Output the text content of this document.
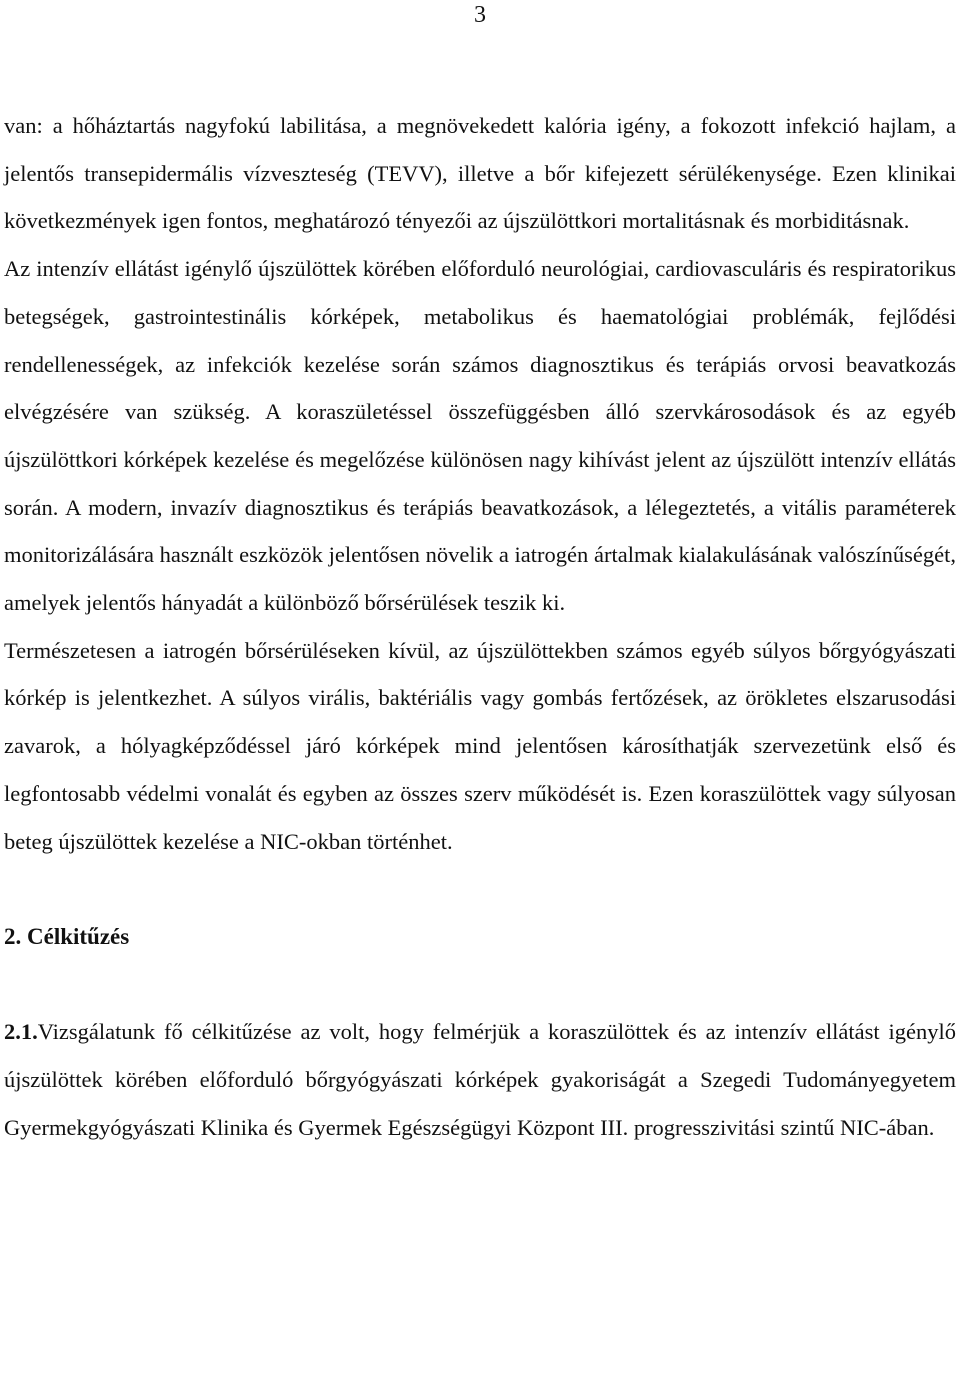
3

van: a hőháztartás nagyfokú labilitása, a megnövekedett kalória igény, a fokozott infekció hajlam, a jelentős transepidermális vízveszteség (TEVV), illetve a bőr kifejezett sérülékenysége. Ezen klinikai következmények igen fontos, meghatározó tényezői az újszülöttkori mortalitásnak és morbiditásnak.

Az intenzív ellátást igénylő újszülöttek körében előforduló neurológiai, cardiovasculáris és respiratorikus betegségek, gastrointestinális kórképek, metabolikus és haematológiai problémák, fejlődési rendellenességek, az infekciók kezelése során számos diagnosztikus és terápiás orvosi beavatkozás elvégzésére van szükség. A koraszületéssel összefüggésben álló szervkárosodások és az egyéb újszülöttkori kórképek kezelése és megelőzése különösen nagy kihívást jelent az újszülött intenzív ellátás során. A modern, invazív diagnosztikus és terápiás beavatkozások, a lélegeztetés, a vitális paraméterek monitorizálására használt eszközök jelentősen növelik a iatrogén ártalmak kialakulásának valószínűségét, amelyek jelentős hányadát a különböző bőrsérülések teszik ki.

Természetesen a iatrogén bőrsérüléseken kívül, az újszülöttekben számos egyéb súlyos bőrgyógyászati kórkép is jelentkezhet. A súlyos virális, baktériális vagy gombás fertőzések, az örökletes elszarusodási zavarok, a hólyagképződéssel járó kórképek mind jelentősen károsíthatják szervezetünk első és legfontosabb védelmi vonalát és egyben az összes szerv működését is. Ezen koraszülöttek vagy súlyosan beteg újszülöttek kezelése a NIC-okban történhet.

2. Célkitűzés

2.1.Vizsgálatunk fő célkitűzése az volt, hogy felmérjük a koraszülöttek és az intenzív ellátást igénylő újszülöttek körében előforduló bőrgyógyászati kórképek gyakoriságát a Szegedi Tudományegyetem Gyermekgyógyászati Klinika és Gyermek Egészségügyi Központ III. progresszivitási szintű NIC-ában.
